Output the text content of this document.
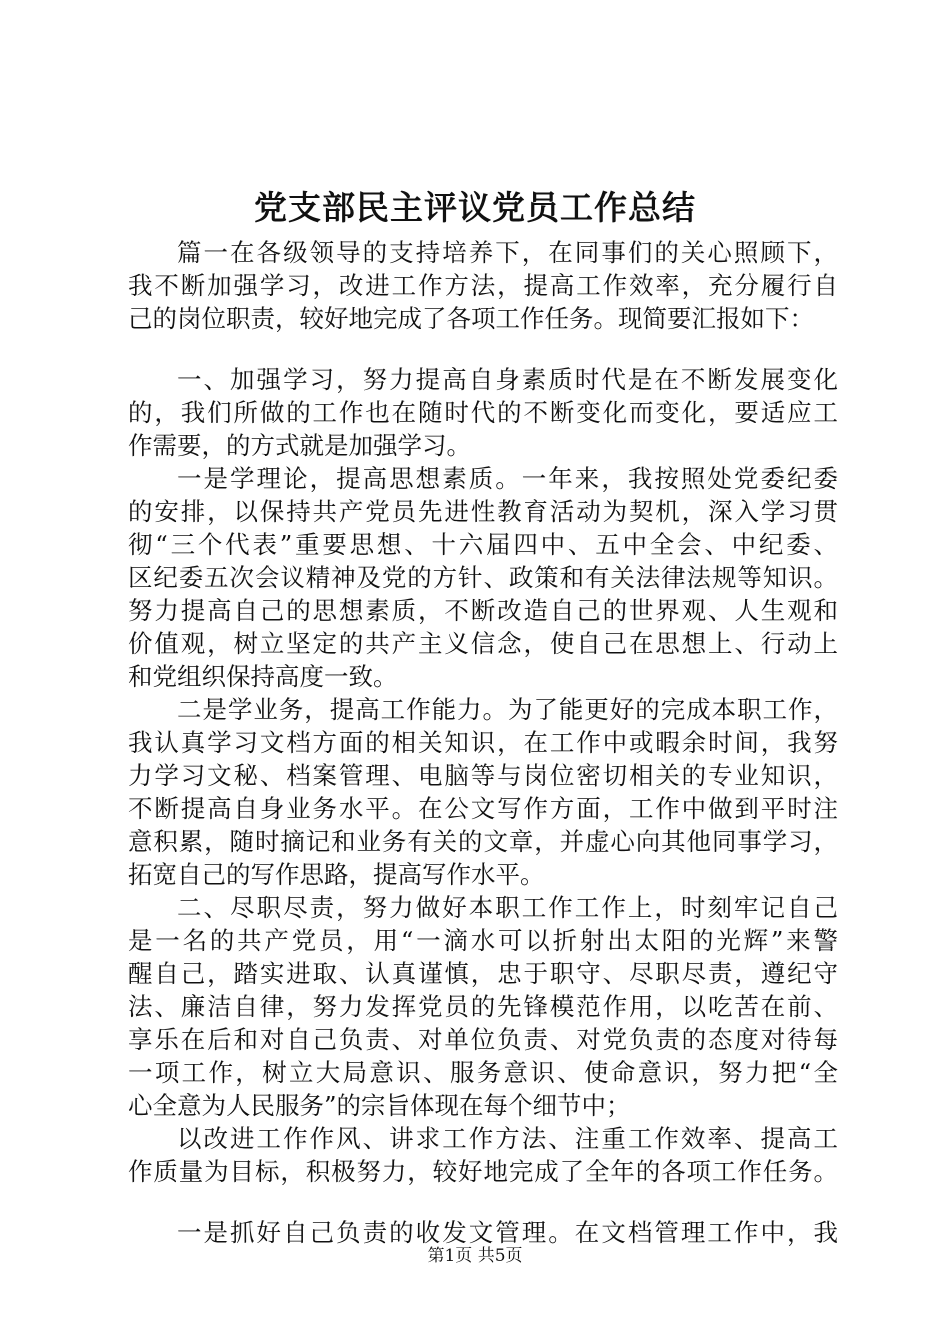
党支部民主评议党员工作总结
篇一在各级领导的支持培养下，在同事们的关心照顾下，
我不断加强学习，改进工作方法，提高工作效率，充分履行自
己的岗位职责，较好地完成了各项工作任务。现简要汇报如下：
一、加强学习，努力提高自身素质时代是在不断发展变化
的，我们所做的工作也在随时代的不断变化而变化，要适应工
作需要，的方式就是加强学习。
一是学理论，提高思想素质。一年来，我按照处党委纪委
的安排，以保持共产党员先进性教育活动为契机，深入学习贯
彻“三个代表”重要思想、十六届四中、五中全会、中纪委、
区纪委五次会议精神及党的方针、政策和有关法律法规等知识。
努力提高自己的思想素质，不断改造自己的世界观、人生观和
价值观，树立坚定的共产主义信念，使自己在思想上、行动上
和党组织保持高度一致。
二是学业务，提高工作能力。为了能更好的完成本职工作，
我认真学习文档方面的相关知识，在工作中或暇余时间，我努
力学习文秘、档案管理、电脑等与岗位密切相关的专业知识，
不断提高自身业务水平。在公文写作方面，工作中做到平时注
意积累，随时摘记和业务有关的文章，并虚心向其他同事学习，
拓宽自己的写作思路，提高写作水平。
二、尽职尽责，努力做好本职工作工作上，时刻牢记自己
是一名的共产党员，用“一滴水可以折射出太阳的光辉”来警
醒自己，踏实进取、认真谨慎，忠于职守、尽职尽责，遵纪守
法、廉洁自律，努力发挥党员的先锋模范作用，以吃苦在前、
享乐在后和对自己负责、对单位负责、对党负责的态度对待每
一项工作，树立大局意识、服务意识、使命意识，努力把“全
心全意为人民服务”的宗旨体现在每个细节中；
以改进工作作风、讲求工作方法、注重工作效率、提高工
作质量为目标，积极努力，较好地完成了全年的各项工作任务。
一是抓好自己负责的收发文管理。在文档管理工作中，我
第1页 共5页
